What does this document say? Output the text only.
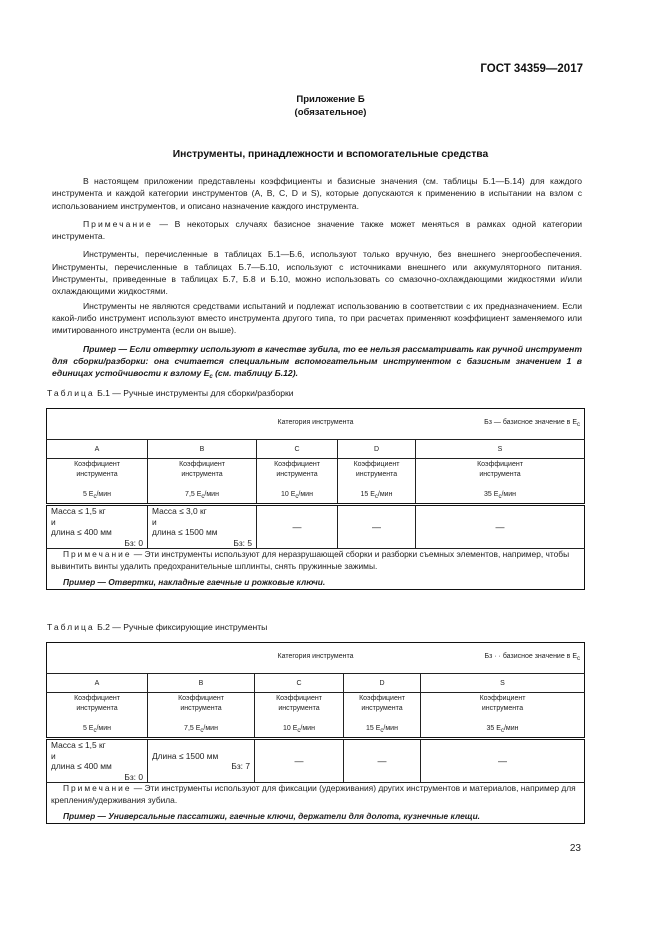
ГОСТ 34359—2017
Приложение Б
(обязательное)
Инструменты, принадлежности и вспомогательные средства

В настоящем приложении представлены коэффициенты и базисные значения (см. таблицы Б.1—Б.14) для каждого инструмента и каждой категории инструментов (A, B, C, D и S), которые допускаются к применению в испытании на взлом с использованием инструментов, и описано назначение каждого инструмента.

Примечание — В некоторых случаях базисное значение также может меняться в рамках одной категории инструмента.

Инструменты, перечисленные в таблицах Б.1—Б.6, используют только вручную, без внешнего энергообеспечения. Инструменты, перечисленные в таблицах Б.7—Б.10, используют с источниками внешнего или аккумуляторного питания. Инструменты, приведенные в таблицах Б.7, Б.8 и Б.10, можно использовать со смазочно-охлаждающими жидкостями и/или охлаждающими жидкостями.

Инструменты не являются средствами испытаний и подлежат использованию в соответствии с их предназначением. Если какой-либо инструмент используют вместо инструмента другого типа, то при расчетах применяют коэффициент заменяемого или имитированного инструмента (если он выше).

Пример — Если отвертку используют в качестве зубила, то ее нельзя рассматривать как ручной инструмент для сборки/разборки: она считается специальным вспомогательным инструментом с базисным значением 1 в единицах устойчивости к взлому $E_c$ (см. таблицу Б.12).

Таблица Б.1 — Ручные инструменты для сборки/разборки
Категория инструмента Бз — базисное значение в Ec				

A	B	C	D	S
Коэффициент
инструмента
5 Ec/мин	Коэффициент
инструмента
7,5 Ec/мин	Коэффициент
инструмента
10 Ec/мин	Коэффициент
инструмента
15 Ec/мин	Коэффициент
инструмента
35 Ec/мин

Масса ≤ 1,5 кг
и
длина ≤ 400 мм
Бз: 0	Масса ≤ 3,0 кг
и
длина ≤ 1500 мм
Бз: 5	—	—	—

Примечание — Эти инструменты используют для неразрушающей сборки и разборки съемных элементов, например, чтобы вывинтить винты удалить предохранительные шплинты, снять пружинные зажимы.

Пример — Отвертки, накладные гаечные и рожковые ключи.				

Таблица Б.2 — Ручные фиксирующие инструменты
Категория инструмента Бз · · базисное значение в Ec				

A	B	C	D	S
Коэффициент
инструмента
5 Ec/мин	Коэффициент
инструмента
7,5 Ec/мин	Коэффициент
инструмента
10 Ec/мин	Коэффициент
инструмента
15 Ec/мин	Коэффициент
инструмента
35 Ec/мин

Масса ≤ 1,5 кг
и
длина ≤ 400 мм
Бз: 0	Длина ≤ 1500 мм
Бз: 7	—	—	—

Примечание — Эти инструменты используют для фиксации (удерживания) других инструментов и материалов, например для крепления/удерживания зубила.

Пример — Универсальные пассатижи, гаечные ключи, держатели для долота, кузнечные клещи.				

23
